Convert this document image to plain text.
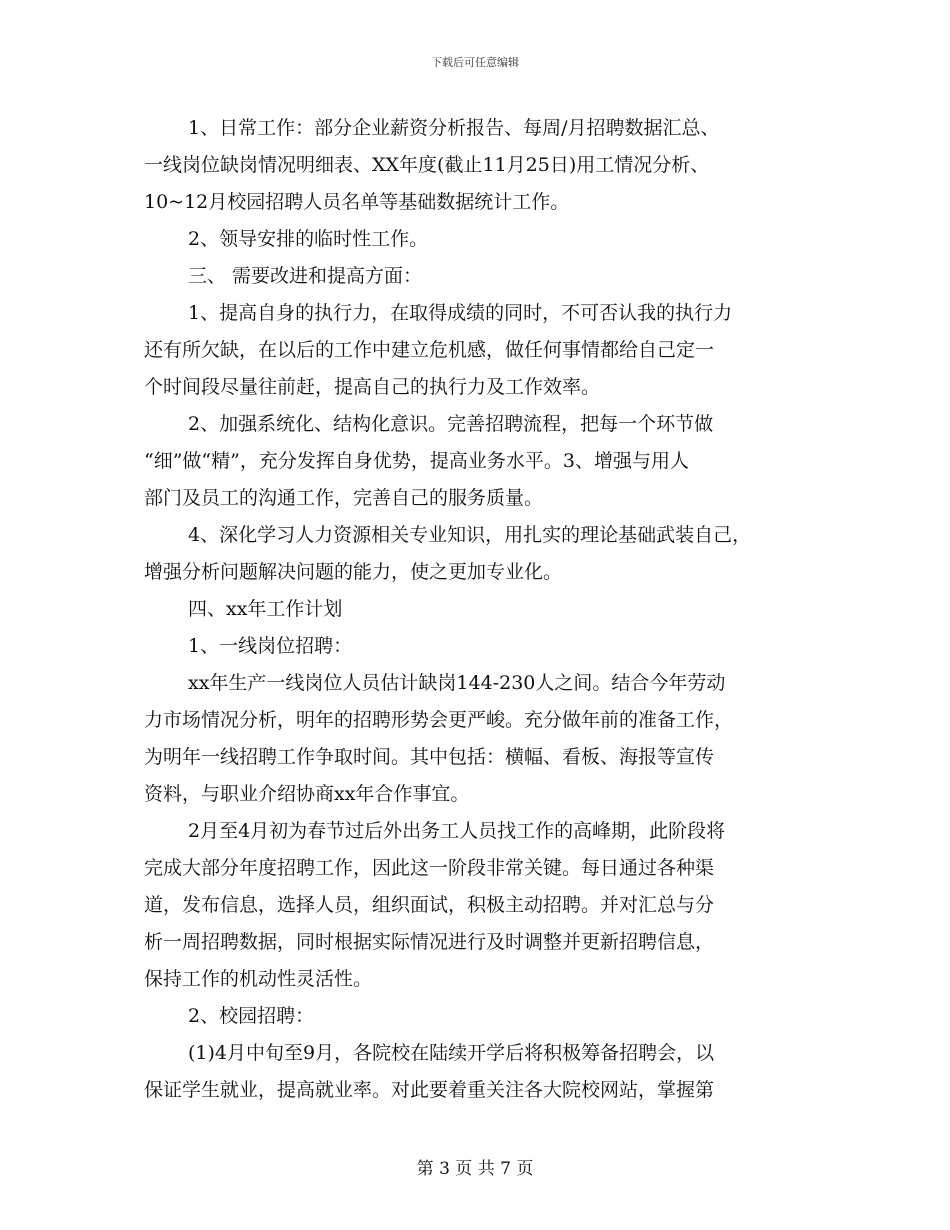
下载后可任意编辑
1、日常工作：部分企业薪资分析报告、每周/月招聘数据汇总、
一线岗位缺岗情况明细表、XX年度(截止11月25日)用工情况分析、
10~12月校园招聘人员名单等基础数据统计工作。
2、领导安排的临时性工作。
三、 需要改进和提高方面：
1、提高自身的执行力，在取得成绩的同时，不可否认我的执行力
还有所欠缺，在以后的工作中建立危机感，做任何事情都给自己定一
个时间段尽量往前赶，提高自己的执行力及工作效率。
2、加强系统化、结构化意识。完善招聘流程，把每一个环节做
“细”做“精”，充分发挥自身优势，提高业务水平。3、增强与用人
部门及员工的沟通工作，完善自己的服务质量。
4、深化学习人力资源相关专业知识，用扎实的理论基础武装自己，
增强分析问题解决问题的能力，使之更加专业化。
四、xx年工作计划
1、一线岗位招聘：
xx年生产一线岗位人员估计缺岗144-230人之间。结合今年劳动
力市场情况分析，明年的招聘形势会更严峻。充分做年前的准备工作，
为明年一线招聘工作争取时间。其中包括：横幅、看板、海报等宣传
资料，与职业介绍协商xx年合作事宜。
2月至4月初为春节过后外出务工人员找工作的高峰期，此阶段将
完成大部分年度招聘工作，因此这一阶段非常关键。每日通过各种渠
道，发布信息，选择人员，组织面试，积极主动招聘。并对汇总与分
析一周招聘数据，同时根据实际情况进行及时调整并更新招聘信息，
保持工作的机动性灵活性。
2、校园招聘：
(1)4月中旬至9月，各院校在陆续开学后将积极筹备招聘会，以
保证学生就业，提高就业率。对此要着重关注各大院校网站，掌握第
第 3 页 共 7 页
